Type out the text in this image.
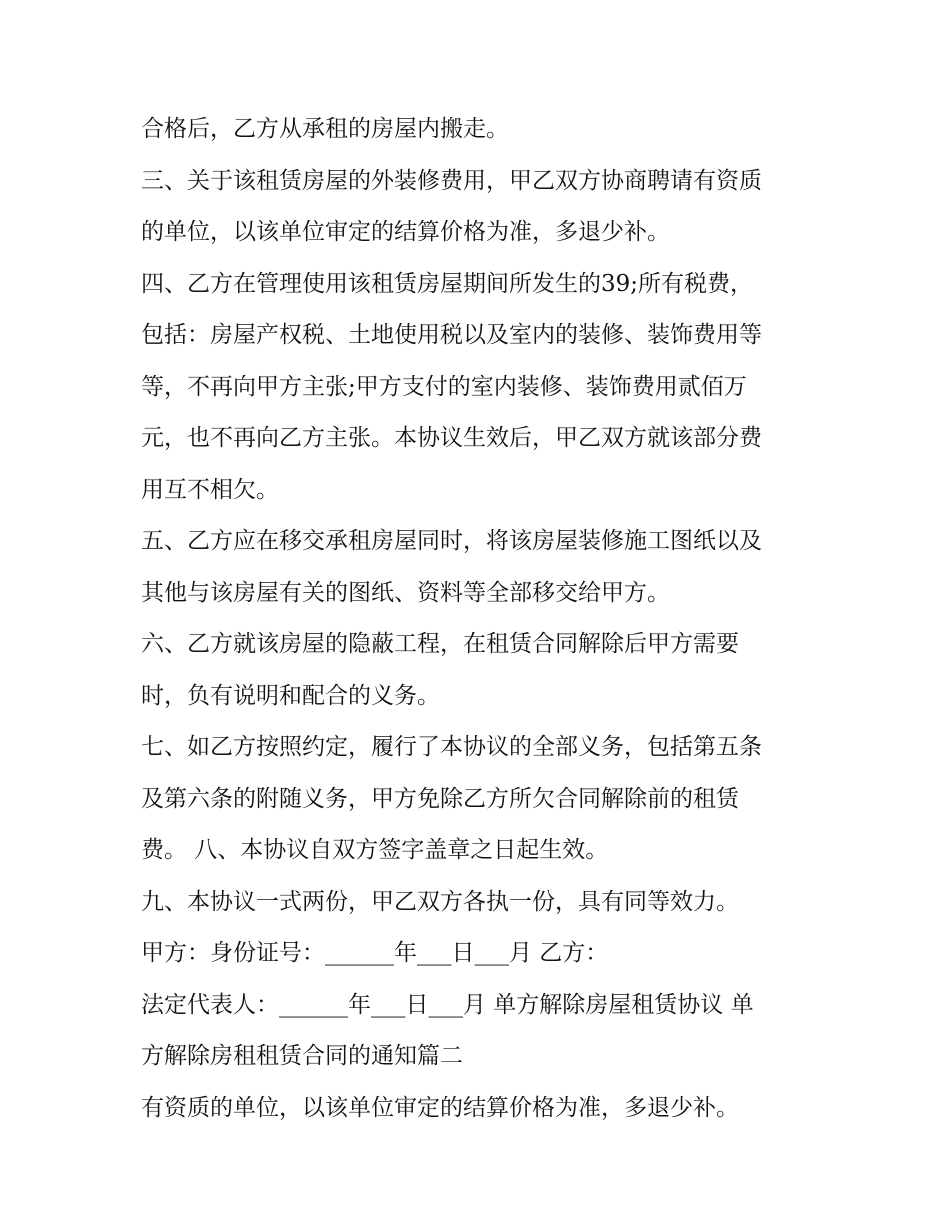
合格后，乙方从承租的房屋内搬走。
三、关于该租赁房屋的外装修费用，甲乙双方协商聘请有资质
的单位，以该单位审定的结算价格为准，多退少补。
四、乙方在管理使用该租赁房屋期间所发生的39;所有税费，
包括：房屋产权税、土地使用税以及室内的装修、装饰费用等
等，不再向甲方主张;甲方支付的室内装修、装饰费用贰佰万
元，也不再向乙方主张。本协议生效后，甲乙双方就该部分费
用互不相欠。
五、乙方应在移交承租房屋同时，将该房屋装修施工图纸以及
其他与该房屋有关的图纸、资料等全部移交给甲方。
六、乙方就该房屋的隐蔽工程，在租赁合同解除后甲方需要
时，负有说明和配合的义务。
七、如乙方按照约定，履行了本协议的全部义务，包括第五条
及第六条的附随义务，甲方免除乙方所欠合同解除前的租赁
费。 八、本协议自双方签字盖章之日起生效。
九、本协议一式两份，甲乙双方各执一份，具有同等效力。
甲方：身份证号：______年___日___月 乙方：
法定代表人：______年___日___月 单方解除房屋租赁协议 单
方解除房租租赁合同的通知篇二
有资质的单位，以该单位审定的结算价格为准，多退少补。
